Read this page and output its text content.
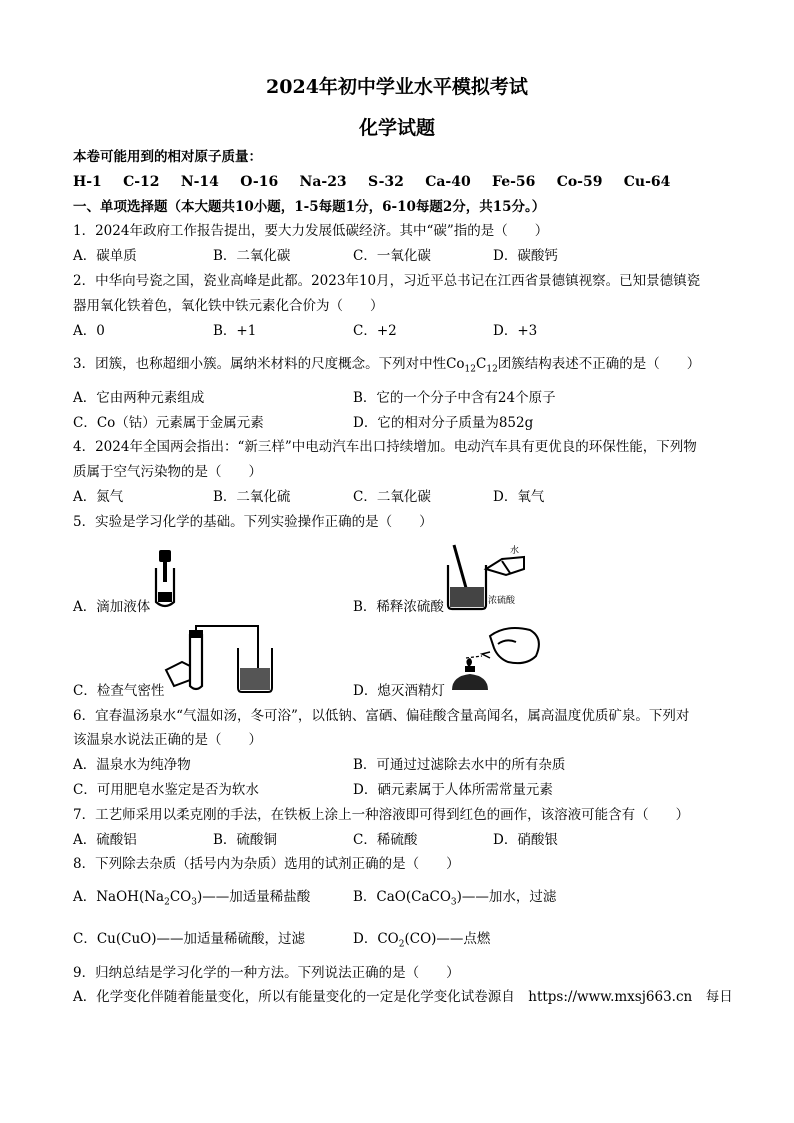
2024年初中学业水平模拟考试
化学试题
本卷可能用到的相对原子质量：
H-1 C-12 N-14 O-16 Na-23 S-32 Ca-40 Fe-56 Co-59 Cu-64
一、单项选择题（本大题共10小题，1-5每题1分，6-10每题2分，共15分。）
1．2024年政府工作报告提出，要大力发展低碳经济。其中“碳”指的是（　　）
A．碳单质	B．二氧化碳	C．一氧化碳	D．碳酸钙
2．中华向号瓷之国，瓷业高峰是此都。2023年10月，习近平总书记在江西省景德镇视察。已知景德镇瓷
器用氧化铁着色，氧化铁中铁元素化合价为（　　）
A．0	B．+1	C．+2	D．+3
3．团簇，也称超细小簇。属纳米材料的尺度概念。下列对中性$Co_{12}C_{12}$团簇结构表述不正确的是（　　）
A．它由两种元素组成	B．它的一个分子中含有24个原子
C．Co（钴）元素属于金属元素	D．它的相对分子质量为852g
4．2024年全国两会指出：“新三样”中电动汽车出口持续增加。电动汽车具有更优良的环保性能，下列物
质属于空气污染物的是（　　）
A．氮气	B．二氧化硫	C．二氧化碳	D．氧气
5．实验是学习化学的基础。下列实验操作正确的是（　　）
A．滴加液体
水
浓硫酸
B．稀释浓硫酸
C．检查气密性	D．熄灭酒精灯
6．宜春温汤泉水“气温如汤，冬可浴”，以低钠、富硒、偏硅酸含量高闻名，属高温度优质矿泉。下列对
该温泉水说法正确的是（　　）
A．温泉水为纯净物	B．可通过过滤除去水中的所有杂质
C．可用肥皂水鉴定是否为软水	D．硒元素属于人体所需常量元素
7．工艺师采用以柔克刚的手法，在铁板上涂上一种溶液即可得到红色的画作，该溶液可能含有（　　）
A．硫酸铝	B．硫酸铜	C．稀硫酸	D．硝酸银
8．下列除去杂质（括号内为杂质）选用的试剂正确的是（　　）
A．$NaOH(Na_2CO_3)——$加适量稀盐酸	B．CaO(CaCO$_3$)——加水，过滤
C．Cu(CuO)——加适量稀硫酸，过滤	D．$CO_2(CO)——$点燃
9．归纳总结是学习化学的一种方法。下列说法正确的是（　　）
A．化学变化伴随着能量变化，所以有能量变化的一定是化学变化试卷源自　https://www.mxsj663.cn　每日
